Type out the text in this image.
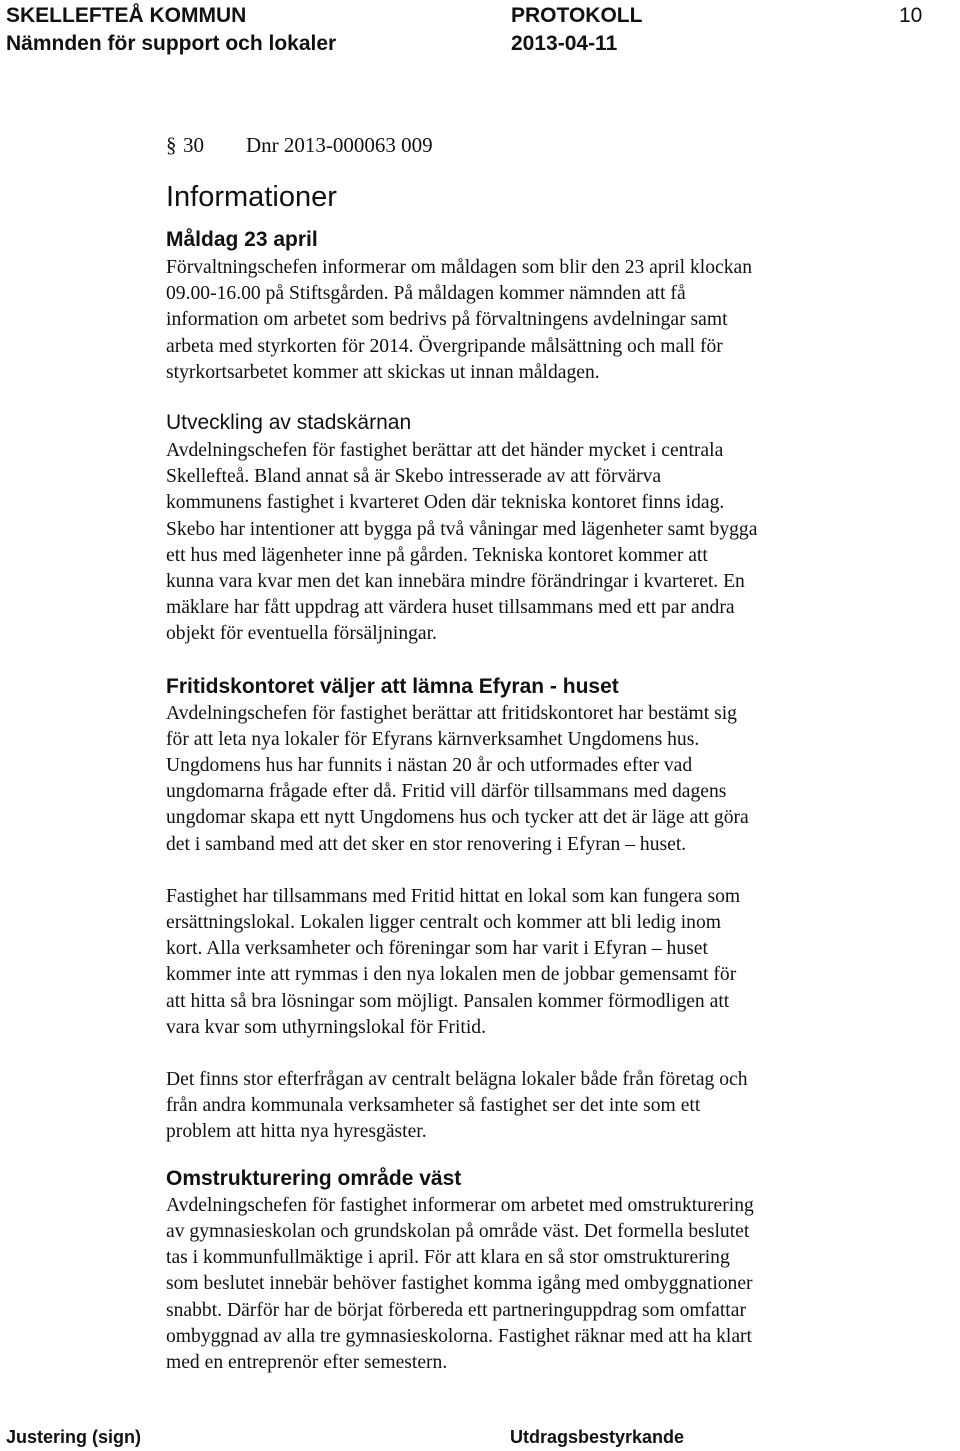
SKELLEFTEÅ KOMMUN	PROTOKOLL	10
Nämnden för support och lokaler	2013-04-11
§ 30 Dnr 2013-000063 009
Informationer
Måldag 23 april

Förvaltningschefen informerar om måldagen som blir den 23 april klockan
09.00-16.00 på Stiftsgården. På måldagen kommer nämnden att få
information om arbetet som bedrivs på förvaltningens avdelningar samt
arbeta med styrkorten för 2014. Övergripande målsättning och mall för
styrkortsarbetet kommer att skickas ut innan måldagen.

Utveckling av stadskärnan

Avdelningschefen för fastighet berättar att det händer mycket i centrala
Skellefteå. Bland annat så är Skebo intresserade av att förvärva
kommunens fastighet i kvarteret Oden där tekniska kontoret finns idag.
Skebo har intentioner att bygga på två våningar med lägenheter samt bygga
ett hus med lägenheter inne på gården. Tekniska kontoret kommer att
kunna vara kvar men det kan innebära mindre förändringar i kvarteret. En
mäklare har fått uppdrag att värdera huset tillsammans med ett par andra
objekt för eventuella försäljningar.

Fritidskontoret väljer att lämna Efyran - huset

Avdelningschefen för fastighet berättar att fritidskontoret har bestämt sig
för att leta nya lokaler för Efyrans kärnverksamhet Ungdomens hus.
Ungdomens hus har funnits i nästan 20 år och utformades efter vad
ungdomarna frågade efter då. Fritid vill därför tillsammans med dagens
ungdomar skapa ett nytt Ungdomens hus och tycker att det är läge att göra
det i samband med att det sker en stor renovering i Efyran – huset.

Fastighet har tillsammans med Fritid hittat en lokal som kan fungera som
ersättningslokal. Lokalen ligger centralt och kommer att bli ledig inom
kort. Alla verksamheter och föreningar som har varit i Efyran – huset
kommer inte att rymmas i den nya lokalen men de jobbar gemensamt för
att hitta så bra lösningar som möjligt. Pansalen kommer förmodligen att
vara kvar som uthyrningslokal för Fritid.

Det finns stor efterfrågan av centralt belägna lokaler både från företag och
från andra kommunala verksamheter så fastighet ser det inte som ett
problem att hitta nya hyresgäster.

Omstrukturering område väst

Avdelningschefen för fastighet informerar om arbetet med omstrukturering
av gymnasieskolan och grundskolan på område väst. Det formella beslutet
tas i kommunfullmäktige i april. För att klara en så stor omstrukturering
som beslutet innebär behöver fastighet komma igång med ombyggnationer
snabbt. Därför har de börjat förbereda ett partneringuppdrag som omfattar
ombyggnad av alla tre gymnasieskolorna. Fastighet räknar med att ha klart
med en entreprenör efter semestern.

Justering (sign)	Utdragsbestyrkande
